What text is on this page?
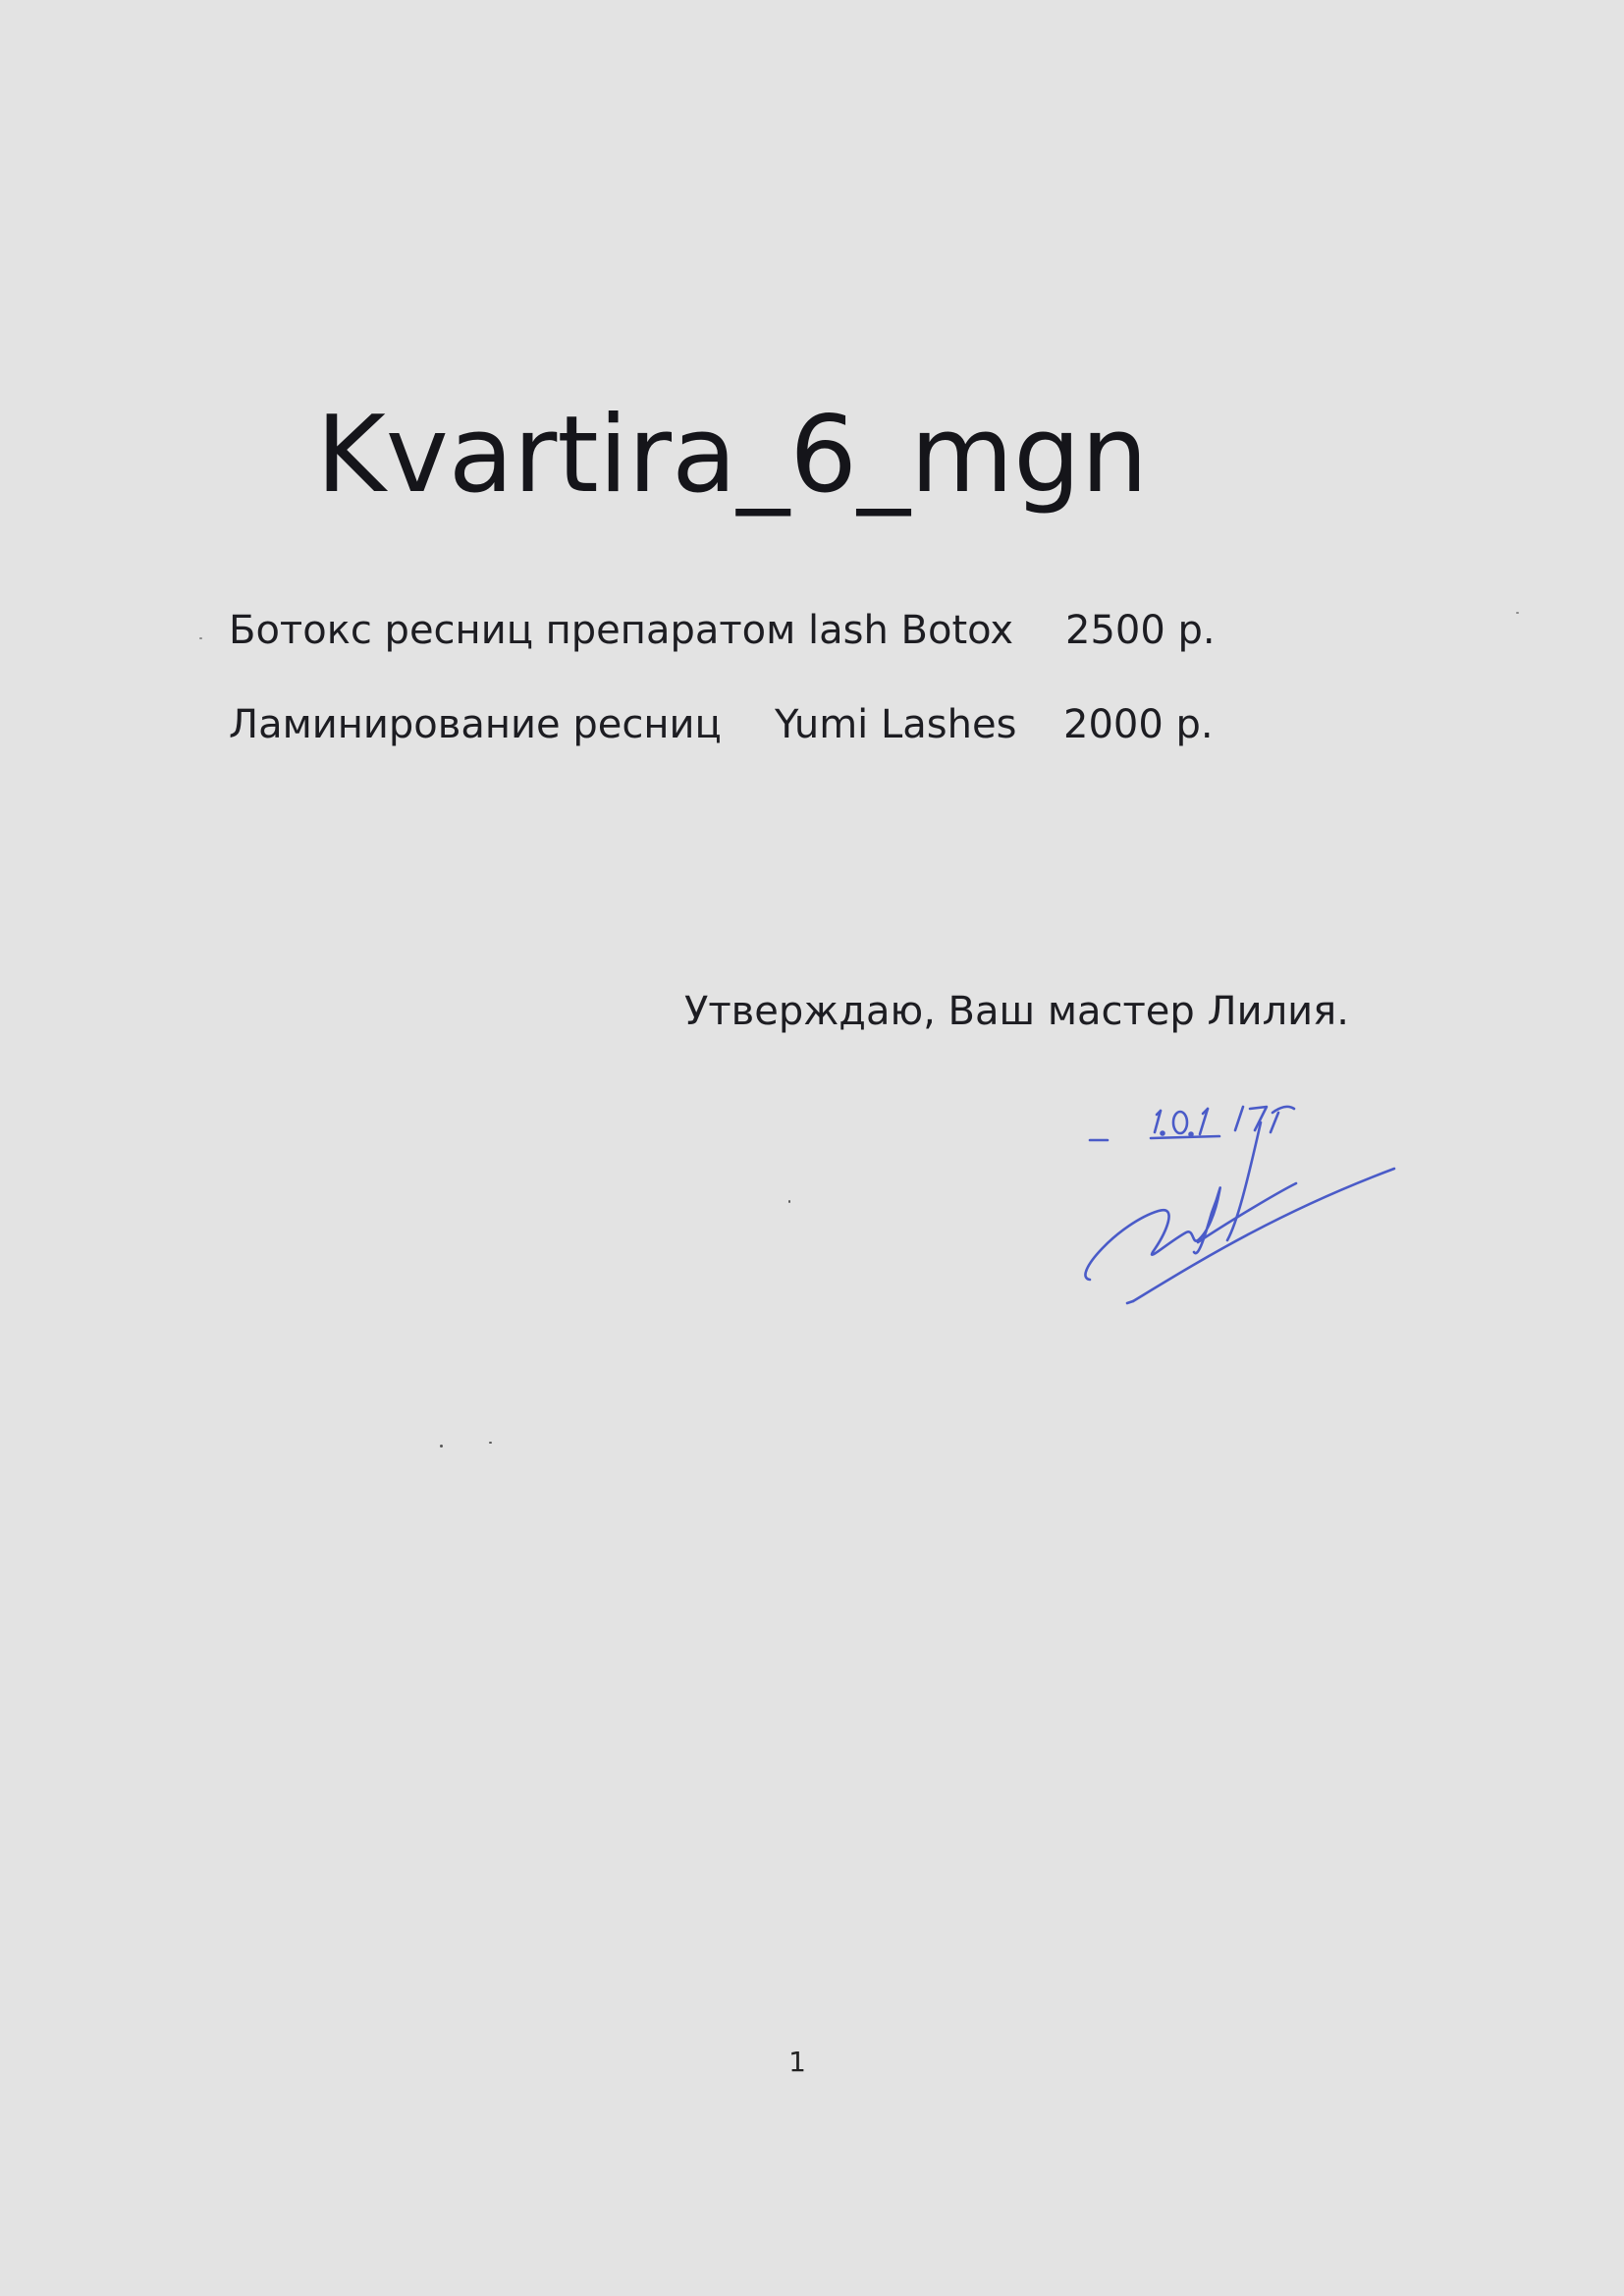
Kvartira_6_mgn
Ботокс ресниц препаратом lash Botox 2500 р.
Ламинирование ресниц Yumi Lashes 2000 р.
Утверждаю, Ваш мастер Лилия.
1
